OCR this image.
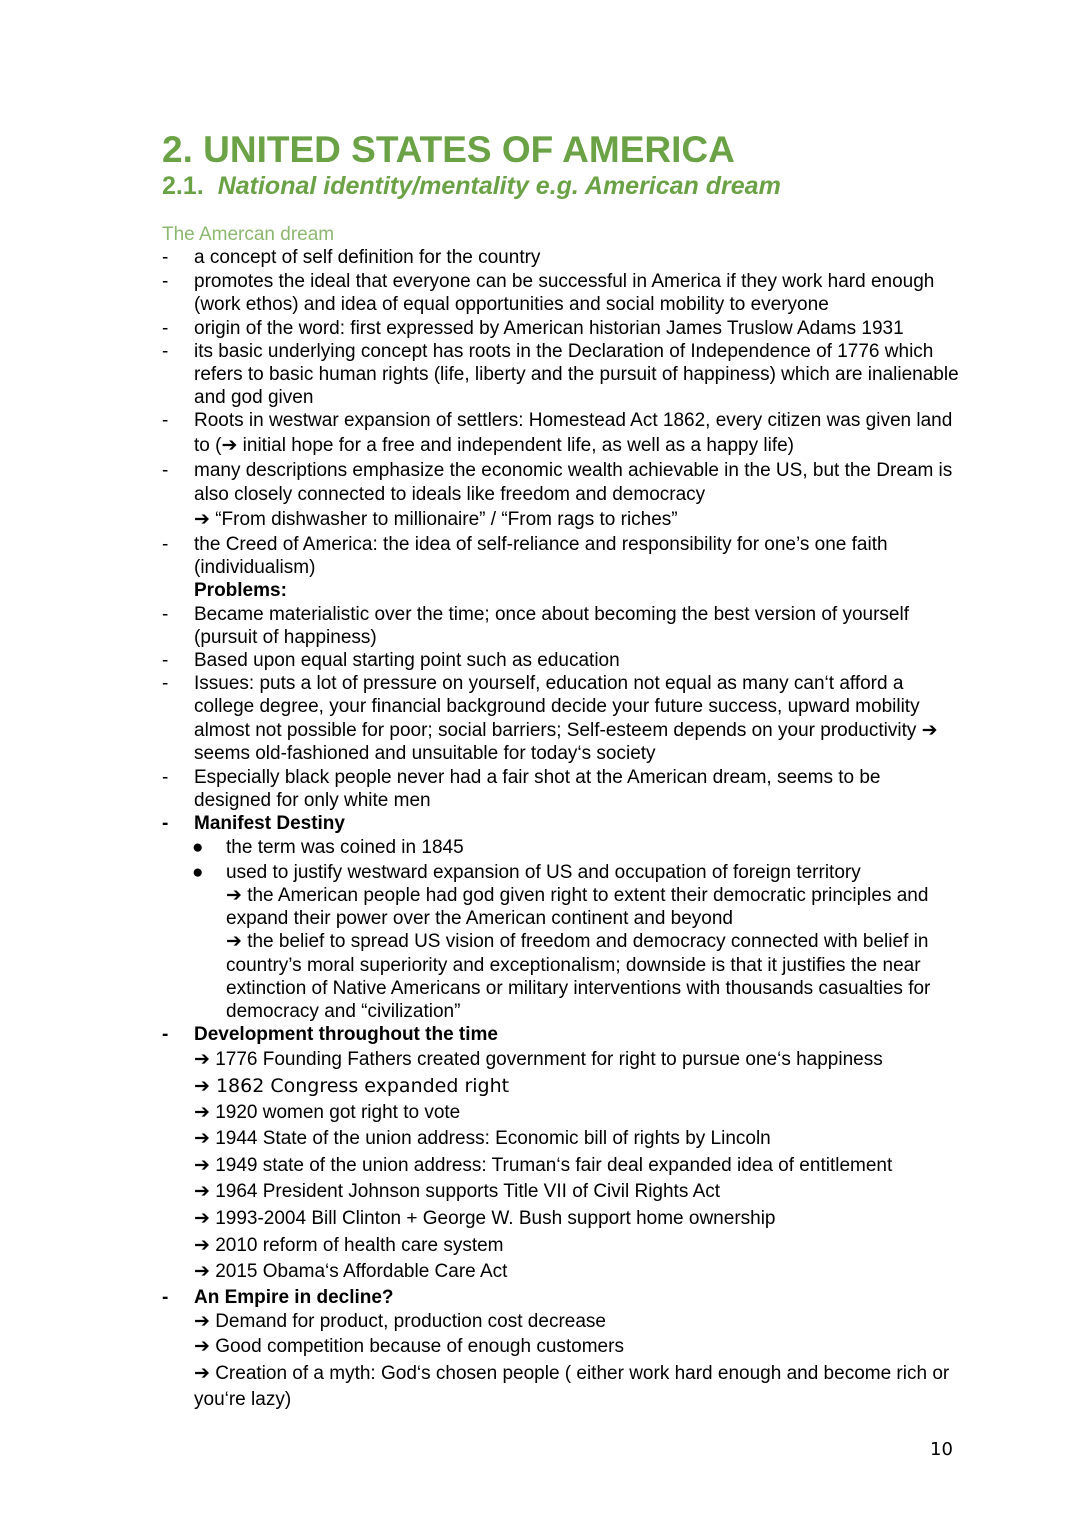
2. UNITED STATES OF AMERICA
2.1. National identity/mentality e.g. American dream
The Amercan dream
-	a concept of self definition for the country
-	promotes the ideal that everyone can be successful in America if they work hard enough (work ethos) and idea of equal opportunities and social mobility to everyone
-	origin of the word: first expressed by American historian James Truslow Adams 1931
-	its basic underlying concept has roots in the Declaration of Independence of 1776 which refers to basic human rights (life, liberty and the pursuit of happiness) which are inalienable and god given
-	Roots in westwar expansion of settlers: Homestead Act 1862, every citizen was given land to (➔ initial hope for a free and independent life, as well as a happy life)
-	many descriptions emphasize the economic wealth achievable in the US, but the Dream is also closely connected to ideals like freedom and democracy
➔ “From dishwasher to millionaire” / “From rags to riches”
-	the Creed of America: the idea of self-reliance and responsibility for one’s one faith (individualism)
Problems:
-	Became materialistic over the time; once about becoming the best version of yourself (pursuit of happiness)
-	Based upon equal starting point such as education
-	Issues: puts a lot of pressure on yourself, education not equal as many can‘t afford a college degree, your financial background decide your future success, upward mobility almost not possible for poor; social barriers; Self-esteem depends on your productivity ➔ seems old-fashioned and unsuitable for today‘s society
-	Especially black people never had a fair shot at the American dream, seems to be designed for only white men
-	Manifest Destiny
● the term was coined in 1845
● used to justify westward expansion of US and occupation of foreign territory
➔ the American people had god given right to extent their democratic principles and expand their power over the American continent and beyond
➔ the belief to spread US vision of freedom and democracy connected with belief in country’s moral superiority and exceptionalism; downside is that it justifies the near extinction of Native Americans or military interventions with thousands casualties for democracy and “civilization”
-	Development throughout the time
➔ 1776 Founding Fathers created government for right to pursue one‘s happiness
➔ 1862 Congress expanded right
➔ 1920 women got right to vote
➔ 1944 State of the union address: Economic bill of rights by Lincoln
➔ 1949 state of the union address: Truman‘s fair deal expanded idea of entitlement
➔ 1964 President Johnson supports Title VII of Civil Rights Act
➔ 1993-2004 Bill Clinton + George W. Bush support home ownership
➔ 2010 reform of health care system
➔ 2015 Obama‘s Affordable Care Act
-	An Empire in decline?
➔ Demand for product, production cost decrease
➔ Good competition because of enough customers
➔ Creation of a myth: God‘s chosen people ( either work hard enough and become rich or you‘re lazy)
10
